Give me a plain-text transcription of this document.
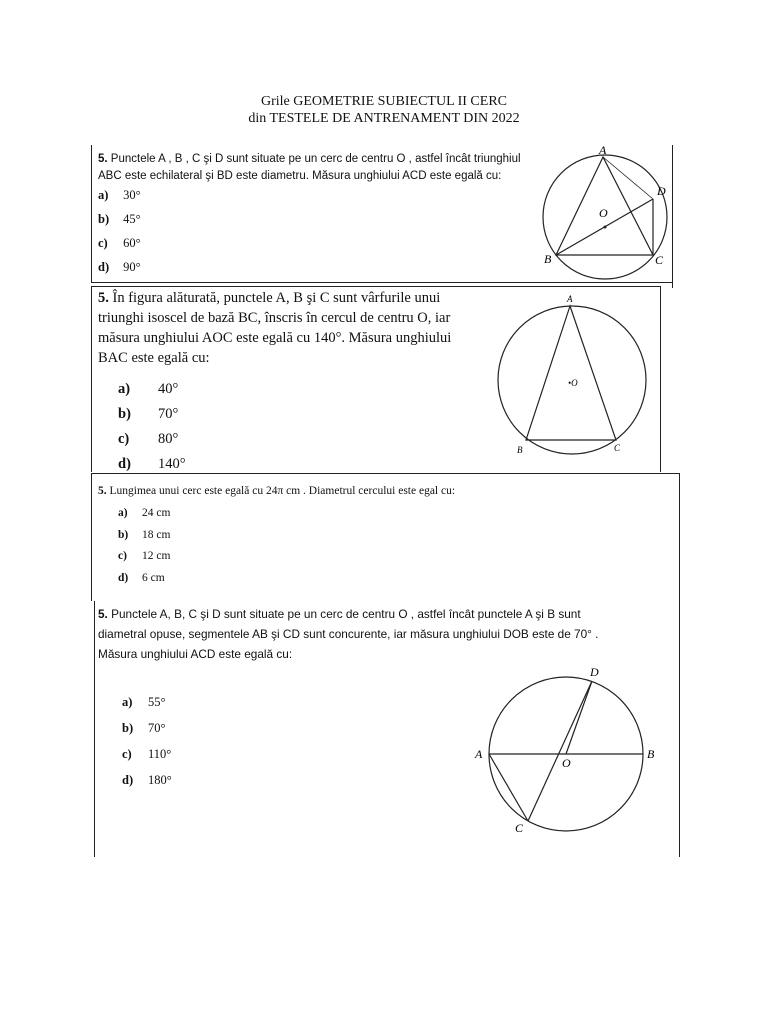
Grile GEOMETRIE SUBIECTUL II CERC
din TESTELE DE ANTRENAMENT DIN 2022
5. Punctele A , B , C şi D sunt situate pe un cerc de centru O , astfel încât triunghiul
ABC este echilateral şi BD este diametru. Măsura unghiului ACD este egală cu:
a) 30°
b) 45°
c) 60°
d) 90°
A
B	C
D
O
5. În figura alăturată, punctele A, B şi C sunt vârfurile unui
triunghi isoscel de bază BC, înscris în cercul de centru O, iar
măsura unghiului AOC este egală cu 140°. Măsura unghiului
BAC este egală cu:
a) 40°
b) 70°
c) 80°
d) 140°
A
B	C
•O
5. Lungimea unui cerc este egală cu 24π cm . Diametrul cercului este egal cu:
a) 24 cm
b) 18 cm
c) 12 cm
d) 6 cm
5. Punctele A, B, C şi D sunt situate pe un cerc de centru O , astfel încât punctele A şi B sunt
diametral opuse, segmentele AB şi CD sunt concurente, iar măsura unghiului DOB este de 70° .
Măsura unghiului ACD este egală cu:
a) 55°
b) 70°
c) 110°
d) 180°
D
A	B
O
C
